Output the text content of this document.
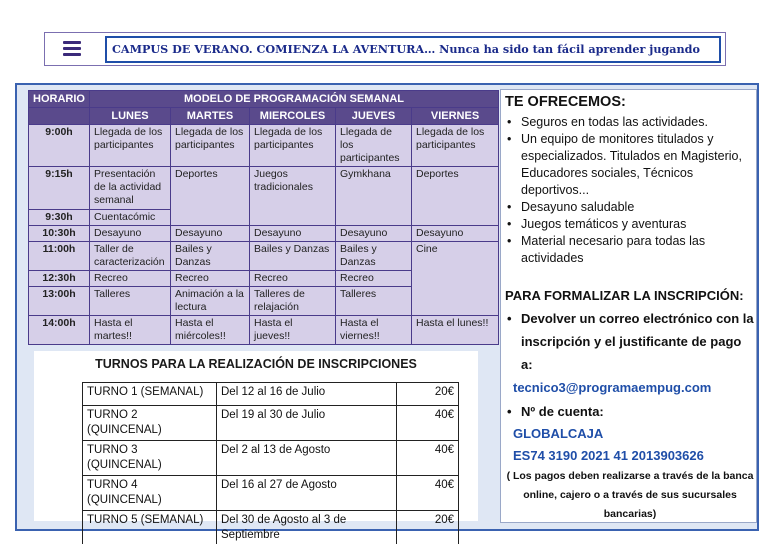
CAMPUS DE VERANO. COMIENZA LA AVENTURA… Nunca ha sido tan fácil aprender jugando
HORARIO	MODELO DE PROGRAMACIÓN SEMANAL				
	LUNES	MARTES	MIERCOLES	JUEVES	VIERNES
9:00h	Llegada de los participantes	Llegada de los participantes	Llegada de los participantes	Llegada de los participantes	Llegada de los participantes
9:15h	Presentación de la actividad semanal	Deportes	Juegos tradicionales	Gymkhana	Deportes
9:30h	Cuentacómic				
10:30h	Desayuno	Desayuno	Desayuno	Desayuno	Desayuno
11:00h	Taller de caracterización	Bailes y Danzas	Bailes y Danzas	Bailes y Danzas	Cine
12:30h	Recreo	Recreo	Recreo	Recreo	
13:00h	Talleres	Animación a la lectura	Talleres de relajación	Talleres	
14:00h	Hasta el martes!!	Hasta el miércoles!!	Hasta el jueves!!	Hasta el viernes!!	Hasta el lunes!!
TURNOS PARA LA REALIZACIÓN DE INSCRIPCIONES
TURNO 1 (SEMANAL)	Del 12 al 16 de Julio	20€
TURNO 2 (QUINCENAL)	Del 19 al 30 de Julio	40€
TURNO 3 (QUINCENAL)	Del 2 al 13 de Agosto	40€
TURNO 4 (QUINCENAL)	Del 16 al 27 de Agosto	40€
TURNO 5 (SEMANAL)	Del 30 de Agosto al 3 de Septiembre	20€
TE OFRECEMOS:
• Seguros en todas las actividades.
• Un equipo de monitores titulados y especializados. Titulados en Magisterio, Educadores sociales, Técnicos deportivos...
• Desayuno saludable
• Juegos temáticos y aventuras
• Material necesario para todas las actividades
PARA FORMALIZAR LA INSCRIPCIÓN:
• Devolver un correo electrónico con la inscripción y el justificante de pago a:
tecnico3@programaempug.com
• Nº de cuenta:
GLOBALCAJA
ES74 3190 2021 41 2013903626
( Los pagos deben realizarse a través de la banca online, cajero o a través de sus sucursales bancarias)
